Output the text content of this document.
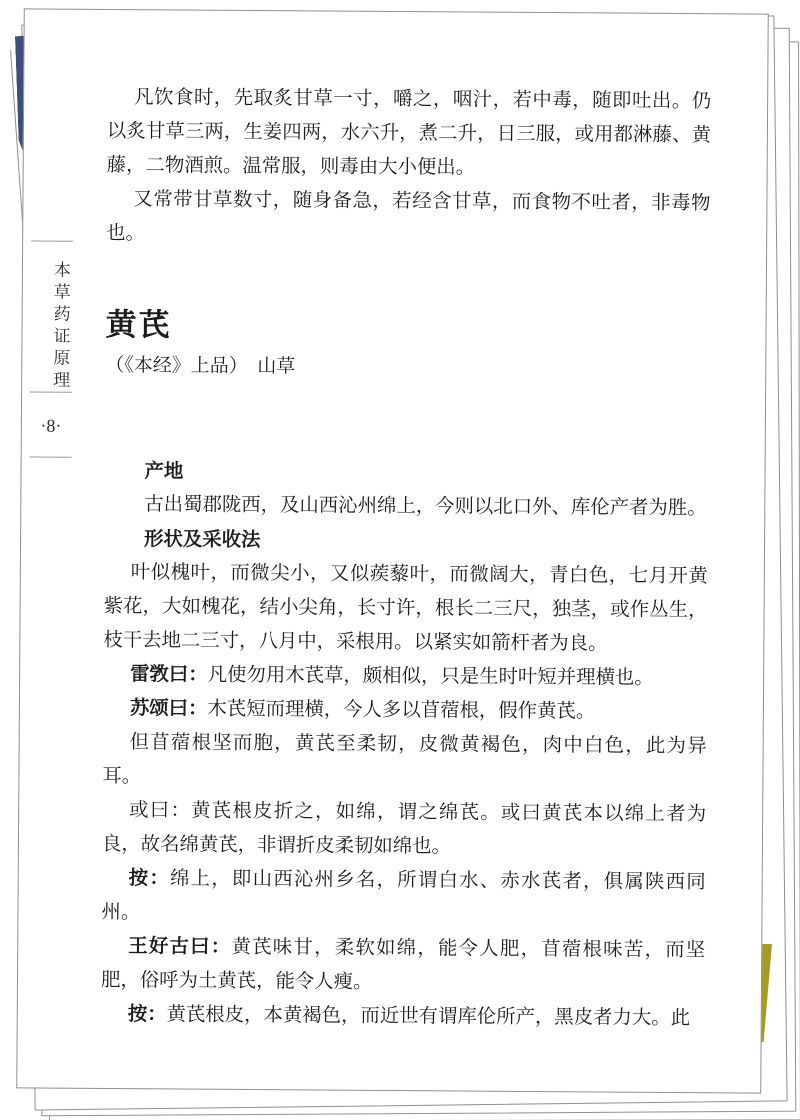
本草药证原理
·8·

凡饮食时，先取炙甘草一寸，嚼之，咽汁，若中毒，随即吐出。仍以炙甘草三两，生姜四两，水六升，煮二升，日三服，或用都淋藤、黄藤，二物酒煎。温常服，则毒由大小便出。

又常带甘草数寸，随身备急，若经含甘草，而食物不吐者，非毒物也。

黄芪
（《本经》上品）　山草
产地

古出蜀郡陇西，及山西沁州绵上，今则以北口外、库伦产者为胜。

形状及采收法

叶似槐叶，而微尖小，又似蒺藜叶，而微阔大，青白色，七月开黄紫花，大如槐花，结小尖角，长寸许，根长二三尺，独茎，或作丛生，枝干去地二三寸，八月中，采根用。以紧实如箭杆者为良。

雷敩曰：凡使勿用木芪草，颇相似，只是生时叶短并理横也。

苏颂曰：木芪短而理横，今人多以苜蓿根，假作黄芪。

但苜蓿根坚而胞，黄芪至柔韧，皮微黄褐色，肉中白色，此为异耳。

或曰：黄芪根皮折之，如绵，谓之绵芪。或曰黄芪本以绵上者为良，故名绵黄芪，非谓折皮柔韧如绵也。

按：绵上，即山西沁州乡名，所谓白水、赤水芪者，俱属陕西同州。

王好古曰：黄芪味甘，柔软如绵，能令人肥，苜蓿根味苦，而坚肥，俗呼为土黄芪，能令人瘦。

按：黄芪根皮，本黄褐色，而近世有谓库伦所产，黑皮者力大。此
